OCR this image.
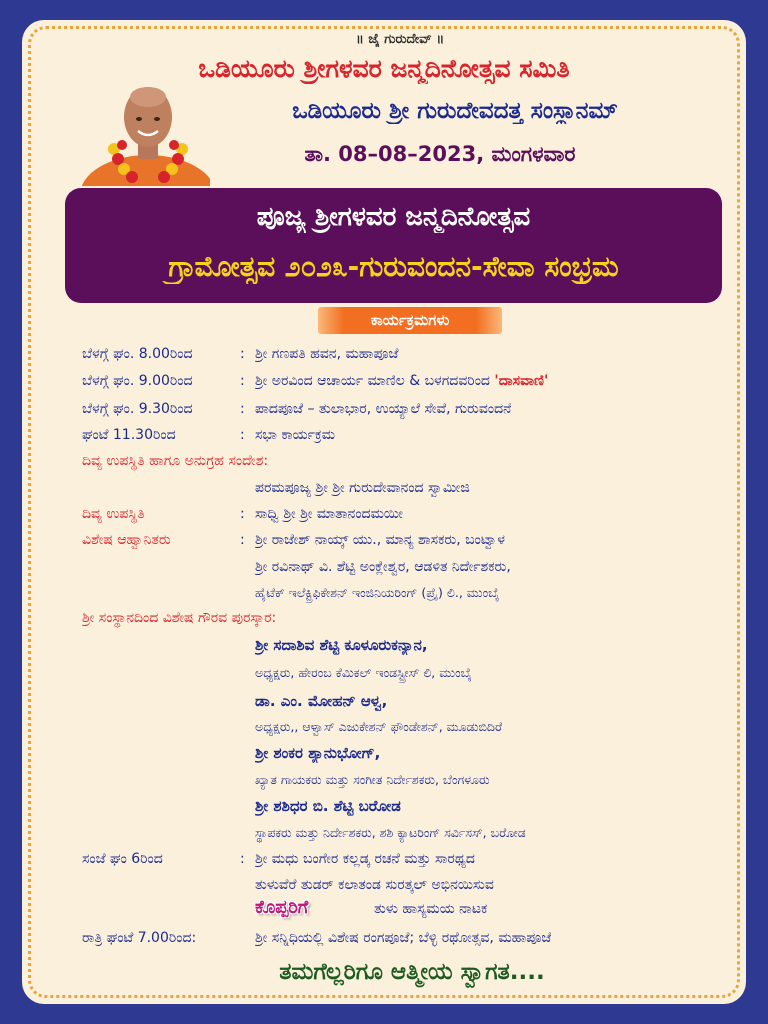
॥ ಜೈ ಗುರುದೇವ್ ॥
ಒಡಿಯೂರು ಶ್ರೀಗಳವರ ಜನ್ಮದಿನೋತ್ಸವ ಸಮಿತಿ
ಒಡಿಯೂರು ಶ್ರೀ ಗುರುದೇವದತ್ತ ಸಂಸ್ಥಾನಮ್
ತಾ. 08–08–2023, ಮಂಗಳವಾರ
ಪೂಜ್ಯ ಶ್ರೀಗಳವರ ಜನ್ಮದಿನೋತ್ಸವ
ಗ್ರಾಮೋತ್ಸವ ೨೦೨೩-ಗುರುವಂದನ-ಸೇವಾ ಸಂಭ್ರಮ
ಕಾರ್ಯಕ್ರಮಗಳು
ಬೆಳಗ್ಗೆ ಘಂ. 8.00ರಿಂದ	: ಶ್ರೀ ಗಣಪತಿ ಹವನ, ಮಹಾಪೂಜೆ
ಬೆಳಗ್ಗೆ ಘಂ. 9.00ರಿಂದ	: ಶ್ರೀ ಅರವಿಂದ ಆಚಾರ್ಯ ಮಾಣಿಲ & ಬಳಗದವರಿಂದ 'ದಾಸವಾಣಿ'
ಬೆಳಗ್ಗೆ ಘಂ. 9.30ರಿಂದ	: ಪಾದಪೂಜೆ – ತುಲಾಭಾರ, ಉಯ್ಯಾಲೆ ಸೇವೆ, ಗುರುವಂದನೆ
ಘಂಟೆ 11.30ರಿಂದ	: ಸಭಾ ಕಾರ್ಯಕ್ರಮ
ದಿವ್ಯ ಉಪಸ್ಥಿತಿ ಹಾಗೂ ಅನುಗ್ರಹ ಸಂದೇಶ:
ಪರಮಪೂಜ್ಯ ಶ್ರೀ ಶ್ರೀ ಗುರುದೇವಾನಂದ ಸ್ವಾಮೀಜಿ
ದಿವ್ಯ ಉಪಸ್ಥಿತಿ	: ಸಾಧ್ವಿ ಶ್ರೀ ಶ್ರೀ ಮಾತಾನಂದಮಯೀ
ವಿಶೇಷ ಆಹ್ವಾನಿತರು	: ಶ್ರೀ ರಾಜೇಶ್ ನಾಯ್ಕ್ ಯು., ಮಾನ್ಯ ಶಾಸಕರು, ಬಂಟ್ವಾಳ
ಶ್ರೀ ರವಿನಾಥ್ ವಿ. ಶೆಟ್ಟಿ ಅಂಕ್ಲೇಶ್ವರ, ಆಡಳಿತ ನಿರ್ದೇಶಕರು,
ಹೈಟೆಕ್ ಇಲೆಕ್ಟ್ರಿಫಿಕೇಶನ್ ಇಂಜಿನಿಯರಿಂಗ್ (ಪ್ರೈ) ಲಿ., ಮುಂಬೈ
ಶ್ರೀ ಸಂಸ್ಥಾನದಿಂದ ವಿಶೇಷ ಗೌರವ ಪುರಸ್ಕಾರ:
ಶ್ರೀ ಸದಾಶಿವ ಶೆಟ್ಟಿ ಕೂಳೂರುಕನ್ಯಾನ,
ಅಧ್ಯಕ್ಷರು, ಹೇರಂಬ ಕೆಮಿಕಲ್ ಇಂಡಸ್ಟ್ರೀಸ್ ಲಿ, ಮುಂಬೈ
ಡಾ. ಎಂ. ಮೋಹನ್ ಆಳ್ವ,
ಅಧ್ಯಕ್ಷರು,, ಆಳ್ವಾಸ್ ಎಜುಕೇಶನ್ ಫೌಂಡೇಶನ್, ಮೂಡುಬಿದಿರೆ
ಶ್ರೀ ಶಂಕರ ಶ್ಯಾನುಭೋಗ್,
ಖ್ಯಾತ ಗಾಯಕರು ಮತ್ತು ಸಂಗೀತ ನಿರ್ದೇಶಕರು, ಬೆಂಗಳೂರು
ಶ್ರೀ ಶಶಿಧರ ಬಿ. ಶೆಟ್ಟಿ ಬರೋಡ
ಸ್ಥಾಪಕರು ಮತ್ತು ನಿರ್ದೇಶಕರು, ಶಶಿ ಕ್ಯಾಟರಿಂಗ್ ಸರ್ವಿಸಸ್, ಬರೋಡ
ಸಂಜೆ ಘಂ 6ರಿಂದ	: ಶ್ರೀ ಮಧು ಬಂಗೇರ ಕಲ್ಲಡ್ಕ ರಚನೆ ಮತ್ತು ಸಾರಥ್ಯದ
ತುಳುವೆರೆ ತುಡರ್ ಕಲಾತಂಡ ಸುರತ್ಕಲ್ ಅಭಿನಯಿಸುವ
ಕೊಪ್ಪರಿಗೆ	ತುಳು ಹಾಸ್ಯಮಯ ನಾಟಕ
ರಾತ್ರಿ ಘಂಟೆ 7.00ರಿಂದ:	ಶ್ರೀ ಸನ್ನಿಧಿಯಲ್ಲಿ ವಿಶೇಷ ರಂಗಪೂಜೆ; ಬೆಳ್ಳಿ ರಥೋತ್ಸವ, ಮಹಾಪೂಜೆ
ತಮಗೆಲ್ಲರಿಗೂ ಆತ್ಮೀಯ ಸ್ವಾಗತ....
